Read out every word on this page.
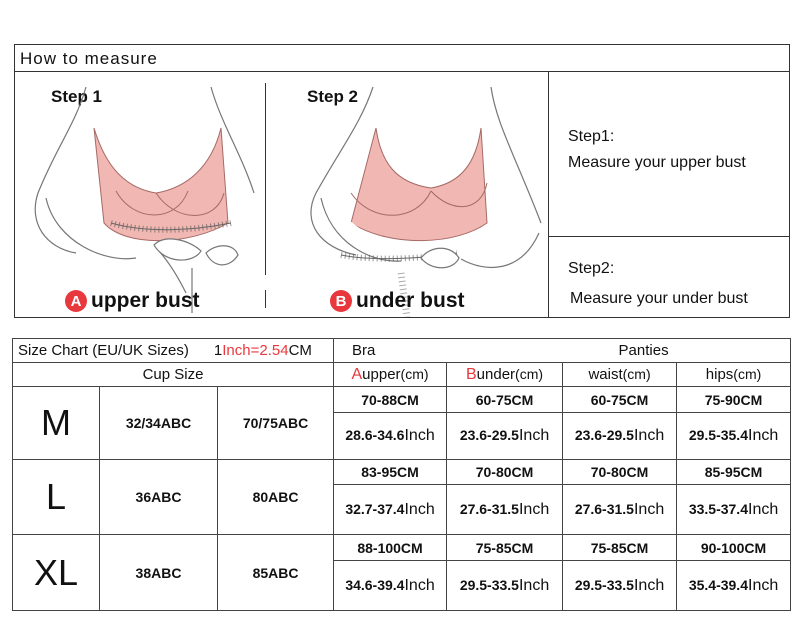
How to measure
Step 1	Step 2
A upper bust	B under bust
Step1:
Measure your upper bust
Step2:
Measure your under bust
Size Chart (EU/UK Sizes) 1Inch=2.54CM			Bra		Panties	
Cup Size			Aupper(cm)	Bunder(cm)	waist(cm)	hips(cm)
M	32/34ABC	70/75ABC	70-88CM	60-75CM	60-75CM	75-90CM
			28.6-34.6Inch	23.6-29.5Inch	23.6-29.5Inch	29.5-35.4Inch
L	36ABC	80ABC	83-95CM	70-80CM	70-80CM	85-95CM
			32.7-37.4Inch	27.6-31.5Inch	27.6-31.5Inch	33.5-37.4Inch
XL	38ABC	85ABC	88-100CM	75-85CM	75-85CM	90-100CM
			34.6-39.4Inch	29.5-33.5Inch	29.5-33.5Inch	35.4-39.4Inch
